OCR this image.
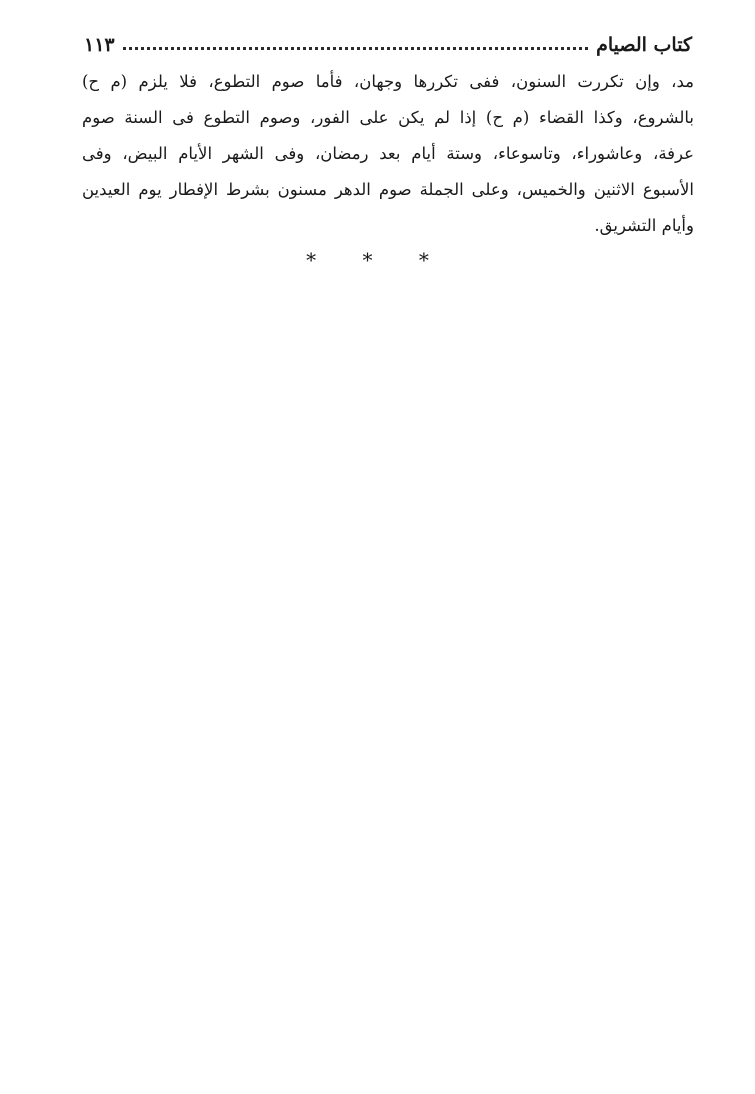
كتاب الصيام
١١٣
مد، وإن تكررت السنون، ففى تكررها وجهان، فأما صوم التطوع، فلا يلزم (م ح)
بالشروع، وكذا القضاء (م ح) إذا لم يكن على الفور، وصوم التطوع فى السنة صوم
عرفة، وعاشوراء، وتاسوعاء، وستة أيام بعد رمضان، وفى الشهر الأيام البيض، وفى
الأسبوع الاثنين والخميس، وعلى الجملة صوم الدهر مسنون بشرط الإفطار يوم العيدين
وأيام التشريق.
* * *
